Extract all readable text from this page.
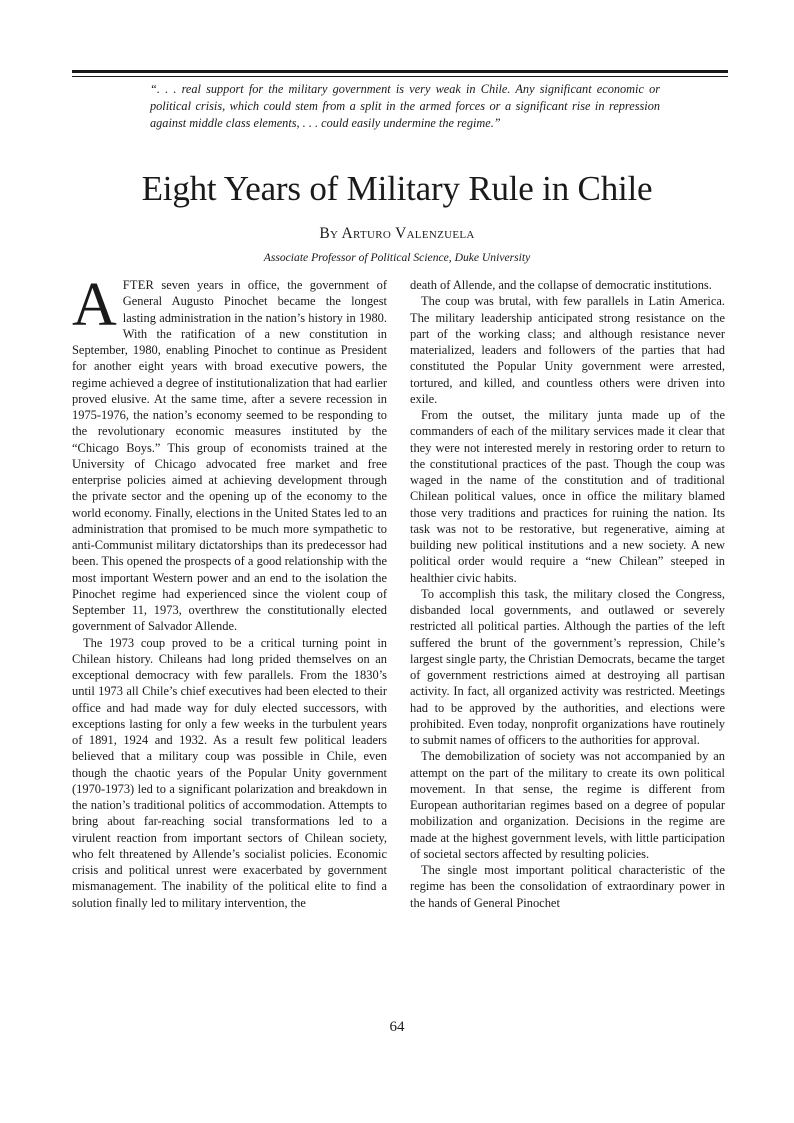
“. . . real support for the military government is very weak in Chile. Any significant economic or political crisis, which could stem from a split in the armed forces or a significant rise in repression against middle class elements, . . . could easily undermine the regime.”
Eight Years of Military Rule in Chile
By Arturo Valenzuela
Associate Professor of Political Science, Duke University

AFTER seven years in office, the government of General Augusto Pinochet became the longest lasting administration in the nation’s history in 1980. With the ratification of a new constitution in September, 1980, enabling Pinochet to continue as President for another eight years with broad executive powers, the regime achieved a degree of institutionalization that had earlier proved elusive. At the same time, after a severe recession in 1975-1976, the nation’s economy seemed to be responding to the revolutionary economic measures instituted by the “Chicago Boys.” This group of economists trained at the University of Chicago advocated free market and free enterprise policies aimed at achieving development through the private sector and the opening up of the economy to the world economy. Finally, elections in the United States led to an administration that promised to be much more sympathetic to anti-Communist military dictatorships than its predecessor had been. This opened the prospects of a good relationship with the most important Western power and an end to the isolation the Pinochet regime had experienced since the violent coup of September 11, 1973, overthrew the constitutionally elected government of Salvador Allende.

The 1973 coup proved to be a critical turning point in Chilean history. Chileans had long prided themselves on an exceptional democracy with few parallels. From the 1830’s until 1973 all Chile’s chief executives had been elected to their office and had made way for duly elected successors, with exceptions lasting for only a few weeks in the turbulent years of 1891, 1924 and 1932. As a result few political leaders believed that a military coup was possible in Chile, even though the chaotic years of the Popular Unity government (1970-1973) led to a significant polarization and breakdown in the nation’s traditional politics of accommodation. Attempts to bring about far-reaching social transformations led to a virulent reaction from important sectors of Chilean society, who felt threatened by Allende’s socialist policies. Economic crisis and political unrest were exacerbated by government mismanagement. The inability of the political elite to find a solution finally led to military intervention, the

death of Allende, and the collapse of democratic institutions.

The coup was brutal, with few parallels in Latin America. The military leadership anticipated strong resistance on the part of the working class; and although resistance never materialized, leaders and followers of the parties that had constituted the Popular Unity government were arrested, tortured, and killed, and countless others were driven into exile.

From the outset, the military junta made up of the commanders of each of the military services made it clear that they were not interested merely in restoring order to return to the constitutional practices of the past. Though the coup was waged in the name of the constitution and of traditional Chilean political values, once in office the military blamed those very traditions and practices for ruining the nation. Its task was not to be restorative, but regenerative, aiming at building new political institutions and a new society. A new political order would require a “new Chilean” steeped in healthier civic habits.

To accomplish this task, the military closed the Congress, disbanded local governments, and outlawed or severely restricted all political parties. Although the parties of the left suffered the brunt of the government’s repression, Chile’s largest single party, the Christian Democrats, became the target of government restrictions aimed at destroying all partisan activity. In fact, all organized activity was restricted. Meetings had to be approved by the authorities, and elections were prohibited. Even today, nonprofit organizations have routinely to submit names of officers to the authorities for approval.

The demobilization of society was not accompanied by an attempt on the part of the military to create its own political movement. In that sense, the regime is different from European authoritarian regimes based on a degree of popular mobilization and organization. Decisions in the regime are made at the highest government levels, with little participation of societal sectors affected by resulting policies.

The single most important political characteristic of the regime has been the consolidation of extraordinary power in the hands of General Pinochet

64
